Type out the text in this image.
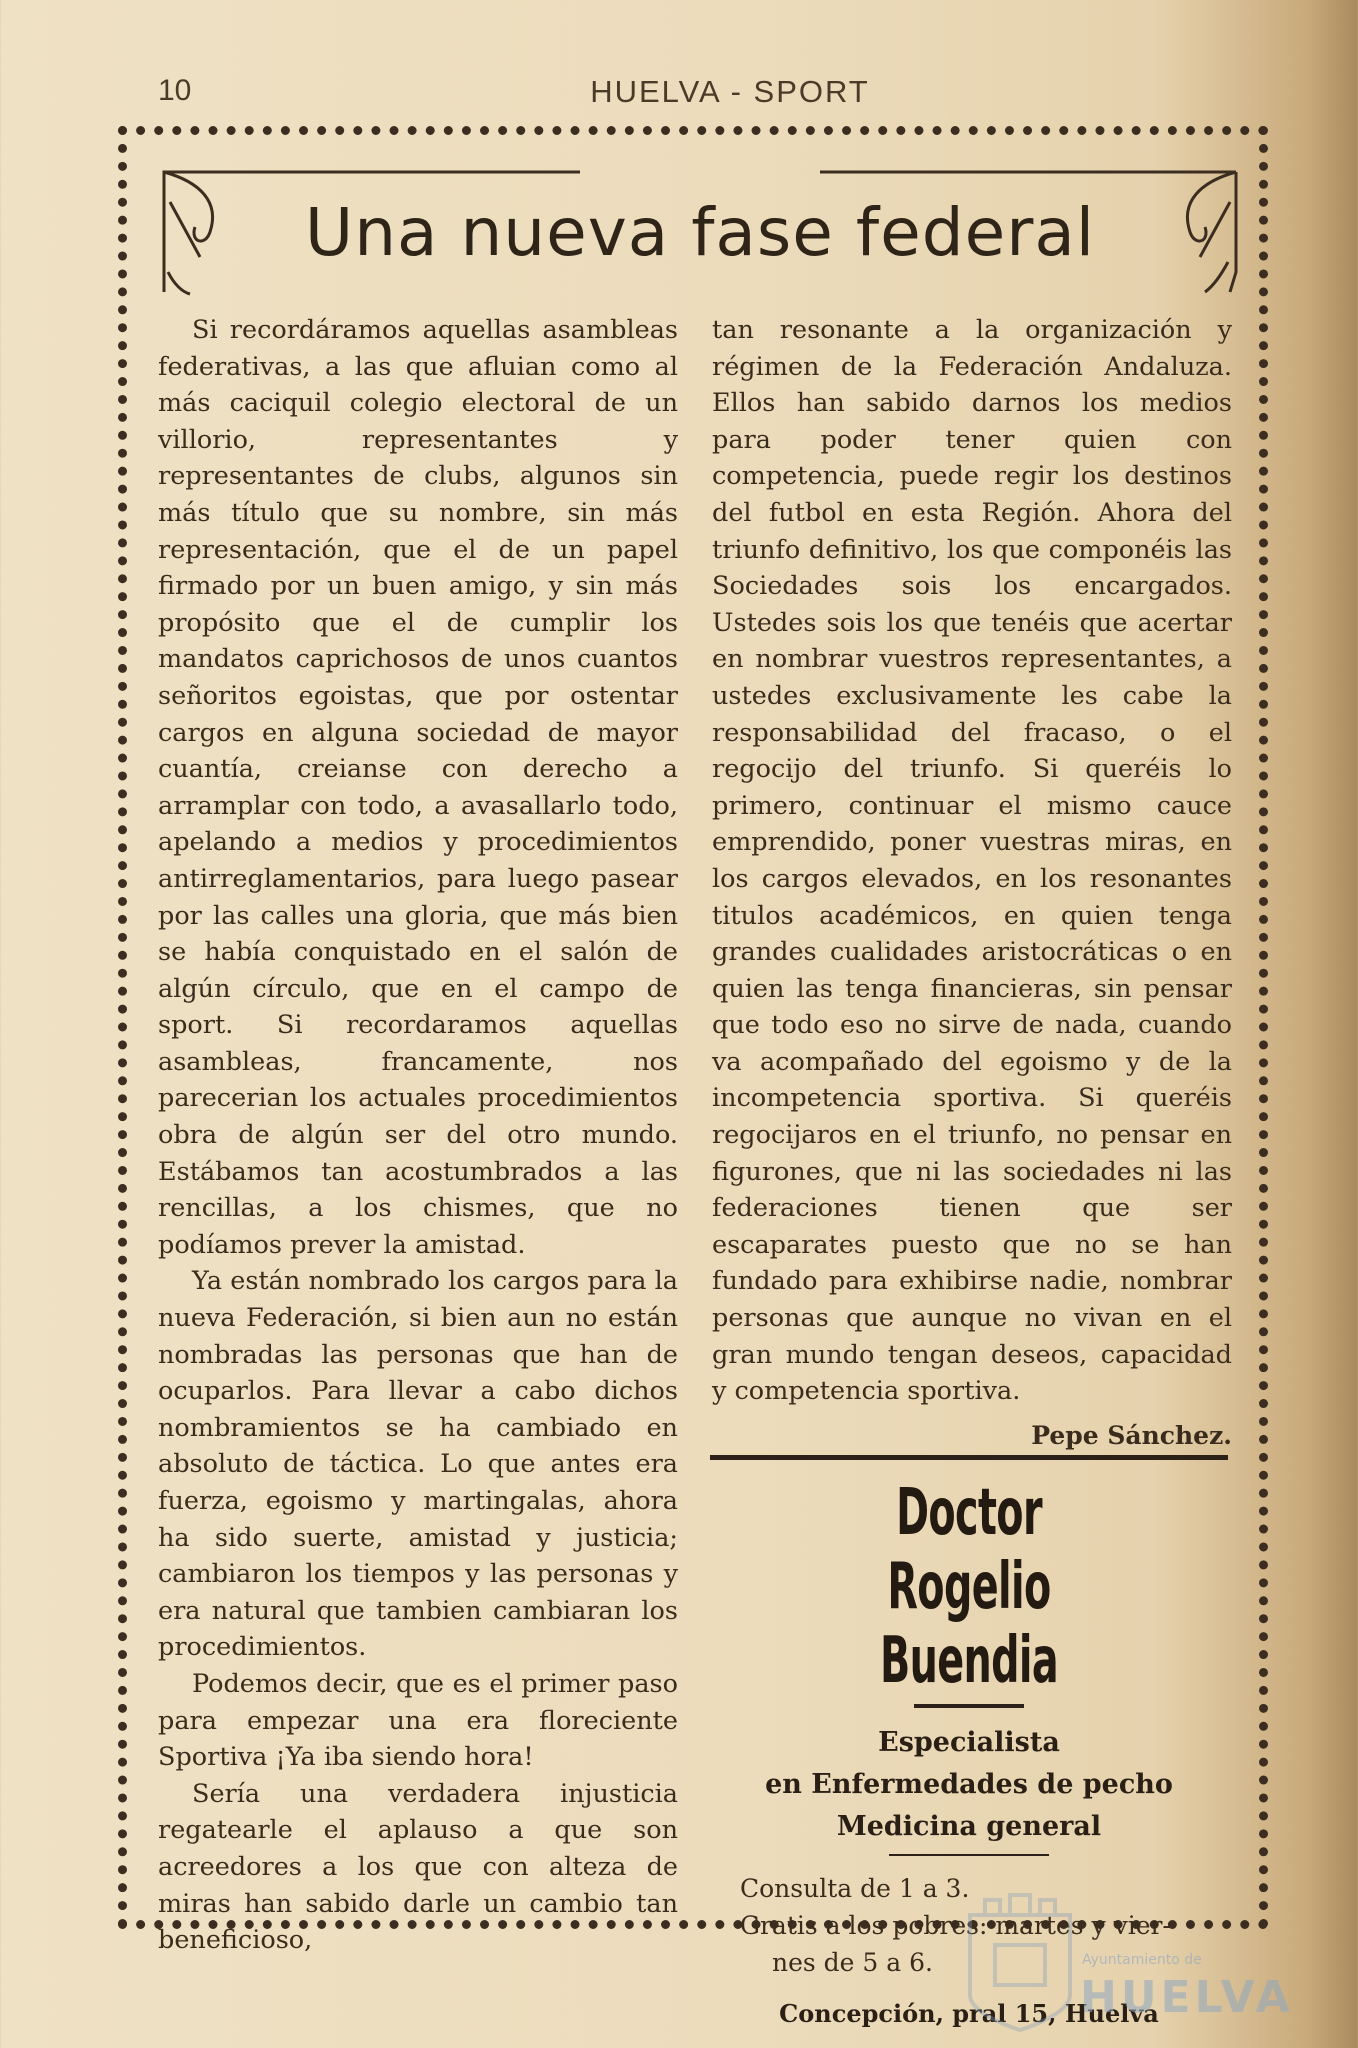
10	HUELVA - SPORT
Una nueva fase federal

Si recordáramos aquellas asambleas federativas, a las que afluian como al más caciquil colegio electoral de un villorio, representantes y representantes de clubs, algunos sin más título que su nombre, sin más representación, que el de un papel firmado por un buen amigo, y sin más propósito que el de cumplir los mandatos caprichosos de unos cuantos señoritos egoistas, que por ostentar cargos en alguna sociedad de mayor cuantía, creianse con derecho a arramplar con todo, a avasallarlo todo, apelando a medios y procedimientos antirreglamentarios, para luego pasear por las calles una gloria, que más bien se había conquistado en el salón de algún círculo, que en el campo de sport. Si recordaramos aquellas asambleas, francamente, nos parecerian los actuales procedimientos obra de algún ser del otro mundo. Estábamos tan acostumbrados a las rencillas, a los chismes, que no podíamos prever la amistad.

Ya están nombrado los cargos para la nueva Federación, si bien aun no están nombradas las personas que han de ocuparlos. Para llevar a cabo dichos nombramientos se ha cambiado en absoluto de táctica. Lo que antes era fuerza, egoismo y martingalas, ahora ha sido suerte, amistad y justicia; cambiaron los tiempos y las personas y era natural que tambien cambiaran los procedimientos.

Podemos decir, que es el primer paso para empezar una era floreciente Sportiva ¡Ya iba siendo hora!

Sería una verdadera injusticia regatearle el aplauso a que son acreedores a los que con alteza de miras han sabido darle un cambio tan beneficioso,

tan resonante a la organización y régimen de la Federación Andaluza. Ellos han sabido darnos los medios para poder tener quien con competencia, puede regir los destinos del futbol en esta Región. Ahora del triunfo definitivo, los que componéis las Sociedades sois los encargados. Ustedes sois los que tenéis que acertar en nombrar vuestros representantes, a ustedes exclusivamente les cabe la responsabilidad del fracaso, o el regocijo del triunfo. Si queréis lo primero, continuar el mismo cauce emprendido, poner vuestras miras, en los cargos elevados, en los resonantes titulos académicos, en quien tenga grandes cualidades aristocráticas o en quien las tenga financieras, sin pensar que todo eso no sirve de nada, cuando va acompañado del egoismo y de la incompetencia sportiva. Si queréis regocijaros en el triunfo, no pensar en figurones, que ni las sociedades ni las federaciones tienen que ser escaparates puesto que no se han fundado para exhibirse nadie, nombrar personas que aunque no vivan en el gran mundo tengan deseos, capacidad y competencia sportiva.

Pepe Sánchez.
Doctor Rogelio Buendia
Especialista
en Enfermedades de pecho
Medicina general
Consulta de 1 a 3.
Gratis a los pobres: martes y vier-
nes de 5 a 6.
Concepción, pral 15, Huelva
Ayuntamiento de
HUELVA
